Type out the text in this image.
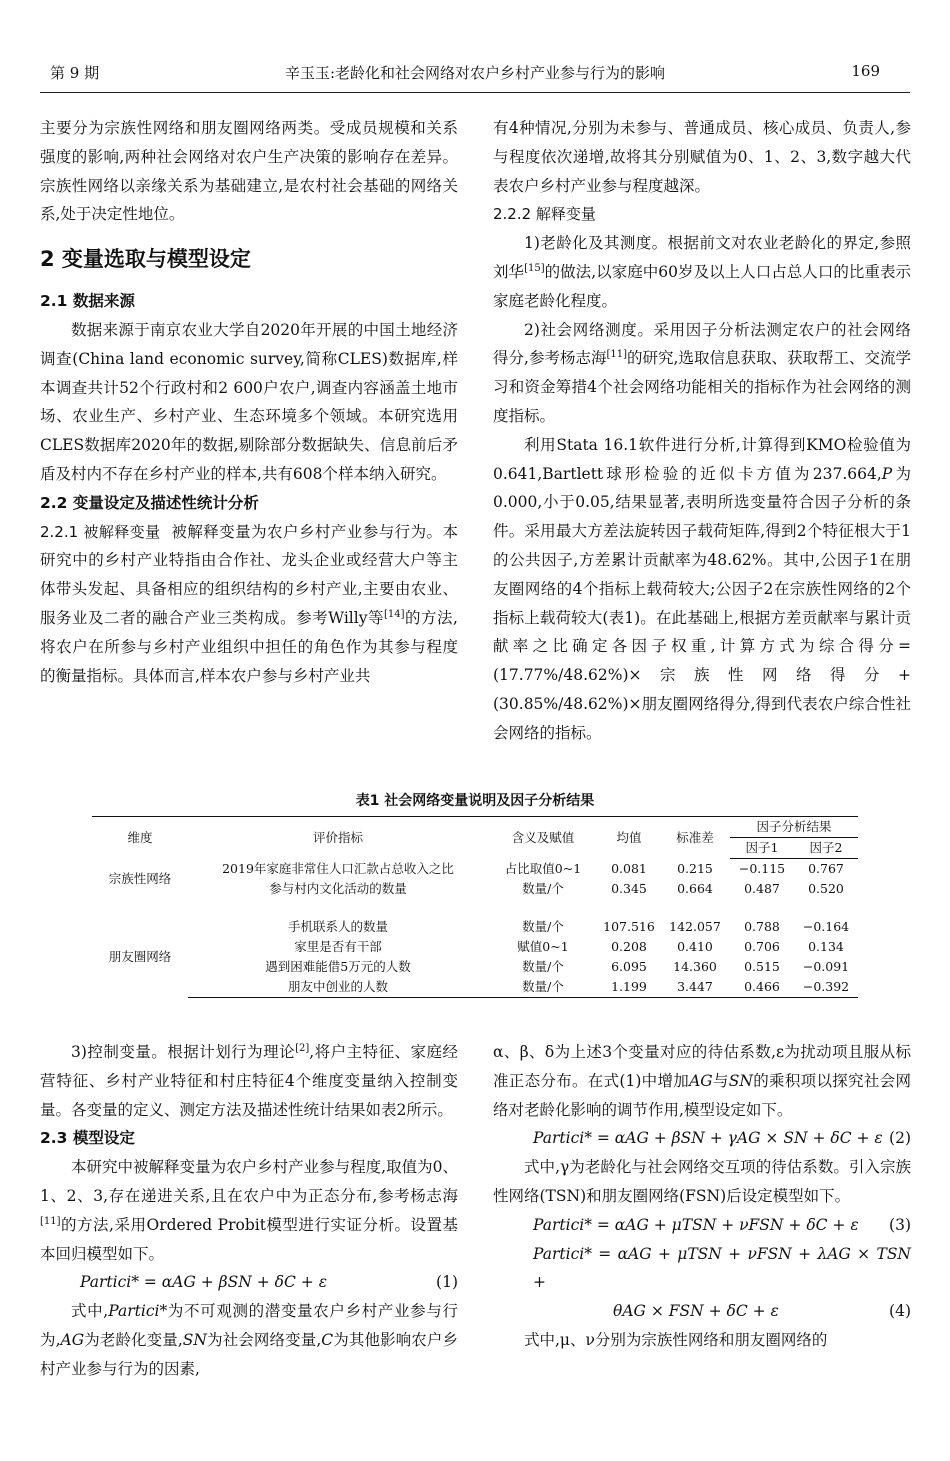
第 9 期	辛玉玉:老龄化和社会网络对农户乡村产业参与行为的影响	169

主要分为宗族性网络和朋友圈网络两类。受成员规模和关系强度的影响,两种社会网络对农户生产决策的影响存在差异。宗族性网络以亲缘关系为基础建立,是农村社会基础的网络关系,处于决定性地位。

2 变量选取与模型设定
2.1 数据来源

数据来源于南京农业大学自2020年开展的中国土地经济调查(China land economic survey,简称CLES)数据库,样本调查共计52个行政村和2 600户农户,调查内容涵盖土地市场、农业生产、乡村产业、生态环境多个领域。本研究选用CLES数据库2020年的数据,剔除部分数据缺失、信息前后矛盾及村内不存在乡村产业的样本,共有608个样本纳入研究。

2.2 变量设定及描述性统计分析

2.2.1 被解释变量 被解释变量为农户乡村产业参与行为。本研究中的乡村产业特指由合作社、龙头企业或经营大户等主体带头发起、具备相应的组织结构的乡村产业,主要由农业、服务业及二者的融合产业三类构成。参考Willy等[14]的方法,将农户在所参与乡村产业组织中担任的角色作为其参与程度的衡量指标。具体而言,样本农户参与乡村产业共

有4种情况,分别为未参与、普通成员、核心成员、负责人,参与程度依次递增,故将其分别赋值为0、1、2、3,数字越大代表农户乡村产业参与程度越深。

2.2.2 解释变量

1)老龄化及其测度。根据前文对农业老龄化的界定,参照刘华[15]的做法,以家庭中60岁及以上人口占总人口的比重表示家庭老龄化程度。

2)社会网络测度。采用因子分析法测定农户的社会网络得分,参考杨志海[11]的研究,选取信息获取、获取帮工、交流学习和资金筹措4个社会网络功能相关的指标作为社会网络的测度指标。

利用Stata 16.1软件进行分析,计算得到KMO检验值为0.641,Bartlett球形检验的近似卡方值为237.664,P为0.000,小于0.05,结果显著,表明所选变量符合因子分析的条件。采用最大方差法旋转因子载荷矩阵,得到2个特征根大于1的公共因子,方差累计贡献率为48.62%。其中,公因子1在朋友圈网络的4个指标上载荷较大;公因子2在宗族性网络的2个指标上载荷较大(表1)。在此基础上,根据方差贡献率与累计贡献率之比确定各因子权重,计算方式为综合得分=(17.77%/48.62%)×宗族性网络得分+(30.85%/48.62%)×朋友圈网络得分,得到代表农户综合性社会网络的指标。

表1 社会网络变量说明及因子分析结果
维度	评价指标	含义及赋值	均值	标准差	因子分析结果	
					因子1	因子2
宗族性网络	2019年家庭非常住人口汇款占总收入之比	占比取值0~1	0.081	0.215	−0.115	0.767
	参与村内文化活动的数量	数量/个	0.345	0.664	0.487	0.520

朋友圈网络	手机联系人的数量	数量/个	107.516	142.057	0.788	−0.164
	家里是否有干部	赋值0~1	0.208	0.410	0.706	0.134
	遇到困难能借5万元的人数	数量/个	6.095	14.360	0.515	−0.091
	朋友中创业的人数	数量/个	1.199	3.447	0.466	−0.392

3)控制变量。根据计划行为理论[2],将户主特征、家庭经营特征、乡村产业特征和村庄特征4个维度变量纳入控制变量。各变量的定义、测定方法及描述性统计结果如表2所示。

2.3 模型设定

本研究中被解释变量为农户乡村产业参与程度,取值为0、1、2、3,存在递进关系,且在农户中为正态分布,参考杨志海[11]的方法,采用Ordered Probit模型进行实证分析。设置基本回归模型如下。

Partici* = αAG + βSN + δC + ε	(1)

式中,Partici*为不可观测的潜变量农户乡村产业参与行为,AG为老龄化变量,SN为社会网络变量,C为其他影响农户乡村产业参与行为的因素,

α、β、δ为上述3个变量对应的待估系数,ε为扰动项且服从标准正态分布。在式(1)中增加AG与SN的乘积项以探究社会网络对老龄化影响的调节作用,模型设定如下。

Partici* = αAG + βSN + γAG × SN + δC + ε (2)

式中,γ为老龄化与社会网络交互项的待估系数。引入宗族性网络(TSN)和朋友圈网络(FSN)后设定模型如下。

Partici* = αAG + μTSN + νFSN + δC + ε (3)
Partici* = αAG + μTSN + νFSN + λAG × TSN +
θAG × FSN + δC + ε	(4)

式中,μ、ν分别为宗族性网络和朋友圈网络的
